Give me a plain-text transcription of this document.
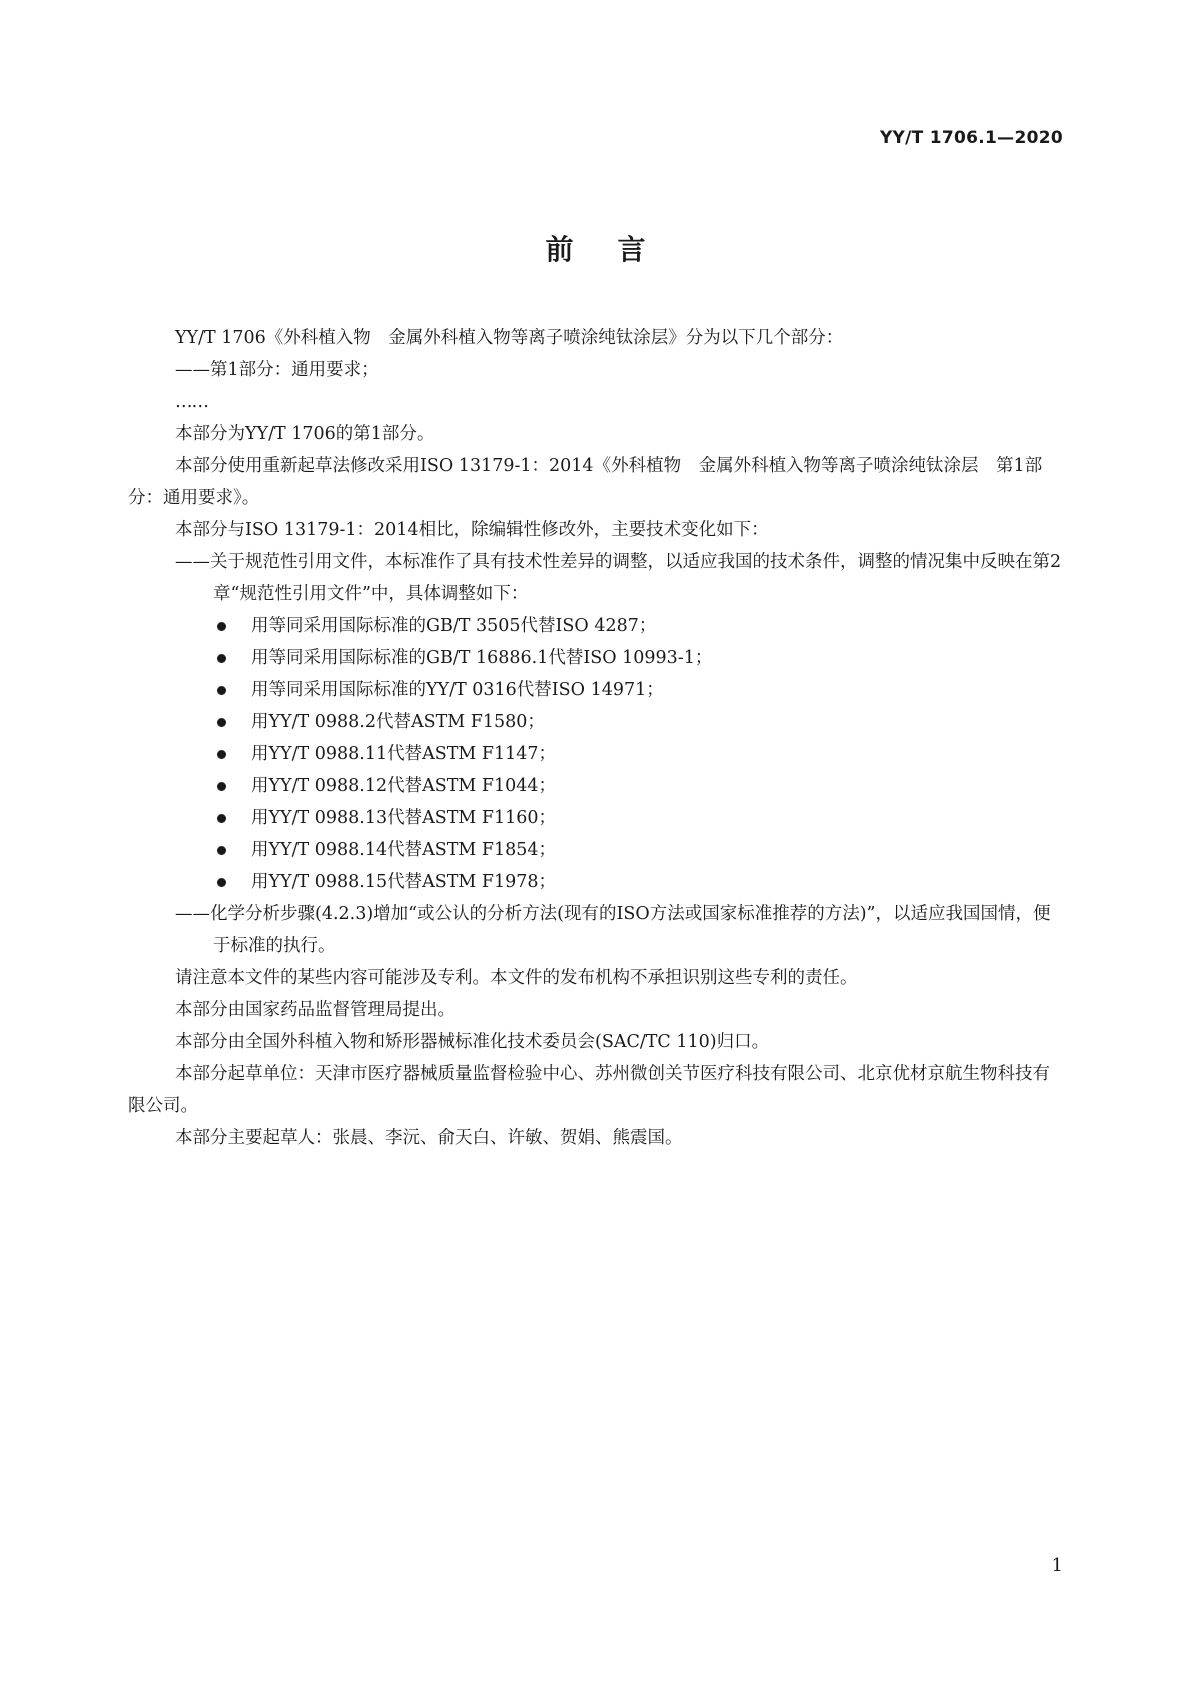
YY/T 1706.1—2020
前言

YY/T 1706《外科植入物　金属外科植入物等离子喷涂纯钛涂层》分为以下几个部分：

——第1部分：通用要求；

……

本部分为YY/T 1706的第1部分。

本部分使用重新起草法修改采用ISO 13179-1：2014《外科植物　金属外科植入物等离子喷涂纯钛涂层　第1部分：通用要求》。

本部分与ISO 13179-1：2014相比，除编辑性修改外，主要技术变化如下：

——关于规范性引用文件，本标准作了具有技术性差异的调整，以适应我国的技术条件，调整的情况集中反映在第2章“规范性引用文件”中，具体调整如下：

用等同采用国际标准的GB/T 3505代替ISO 4287；
用等同采用国际标准的GB/T 16886.1代替ISO 10993-1；
用等同采用国际标准的YY/T 0316代替ISO 14971；
用YY/T 0988.2代替ASTM F1580；
用YY/T 0988.11代替ASTM F1147；
用YY/T 0988.12代替ASTM F1044；
用YY/T 0988.13代替ASTM F1160；
用YY/T 0988.14代替ASTM F1854；
用YY/T 0988.15代替ASTM F1978；

——化学分析步骤(4.2.3)增加“或公认的分析方法(现有的ISO方法或国家标准推荐的方法)”，以适应我国国情，便于标准的执行。

请注意本文件的某些内容可能涉及专利。本文件的发布机构不承担识别这些专利的责任。

本部分由国家药品监督管理局提出。

本部分由全国外科植入物和矫形器械标准化技术委员会(SAC/TC 110)归口。

本部分起草单位：天津市医疗器械质量监督检验中心、苏州微创关节医疗科技有限公司、北京优材京航生物科技有限公司。

本部分主要起草人：张晨、李沅、俞天白、许敏、贺娟、熊震国。

1
